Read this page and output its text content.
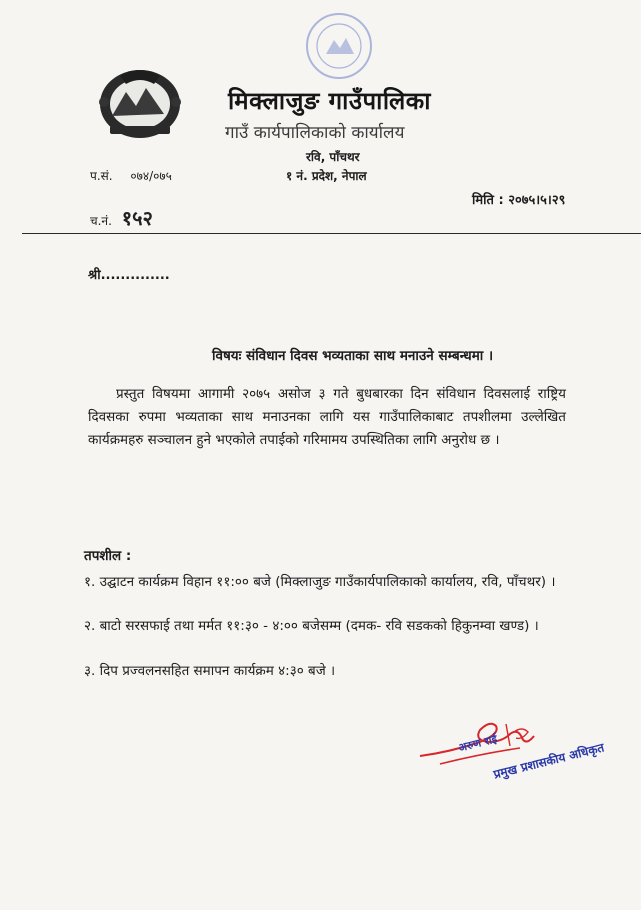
मिक्लाजुङ गाउँपालिका
गाउँ कार्यपालिकाको कार्यालय
रवि, पाँचथर
१ नं. प्रदेश, नेपाल
प.सं. ०७४/०७५
च.नं. १५२
मिति : २०७५।५।२९
श्री..............
विषयः संविधान दिवस भव्यताका साथ मनाउने सम्बन्धमा ।
प्रस्तुत विषयमा आगामी २०७५ असोज ३ गते बुधबारका दिन संविधान दिवसलाई राष्ट्रिय दिवसका रुपमा भव्यताका साथ मनाउनका लागि यस गाउँपालिकाबाट तपशीलमा उल्लेखित कार्यक्रमहरु सञ्चालन हुने भएकोले तपाईको गरिमामय उपस्थितिका लागि अनुरोध छ ।
तपशील :
१. उद्घाटन कार्यक्रम विहान ११:०० बजे (मिक्लाजुङ गाउँकार्यपालिकाको कार्यालय, रवि, पाँचथर) ।
२. बाटो सरसफाई तथा मर्मत ११:३० - ४:०० बजेसम्म (दमक- रवि सडकको हिकुनम्वा खण्ड) ।
३. दिप प्रज्वलनसहित समापन कार्यक्रम ४:३० बजे ।
अरुण राई
प्रमुख प्रशासकीय अधिकृत
